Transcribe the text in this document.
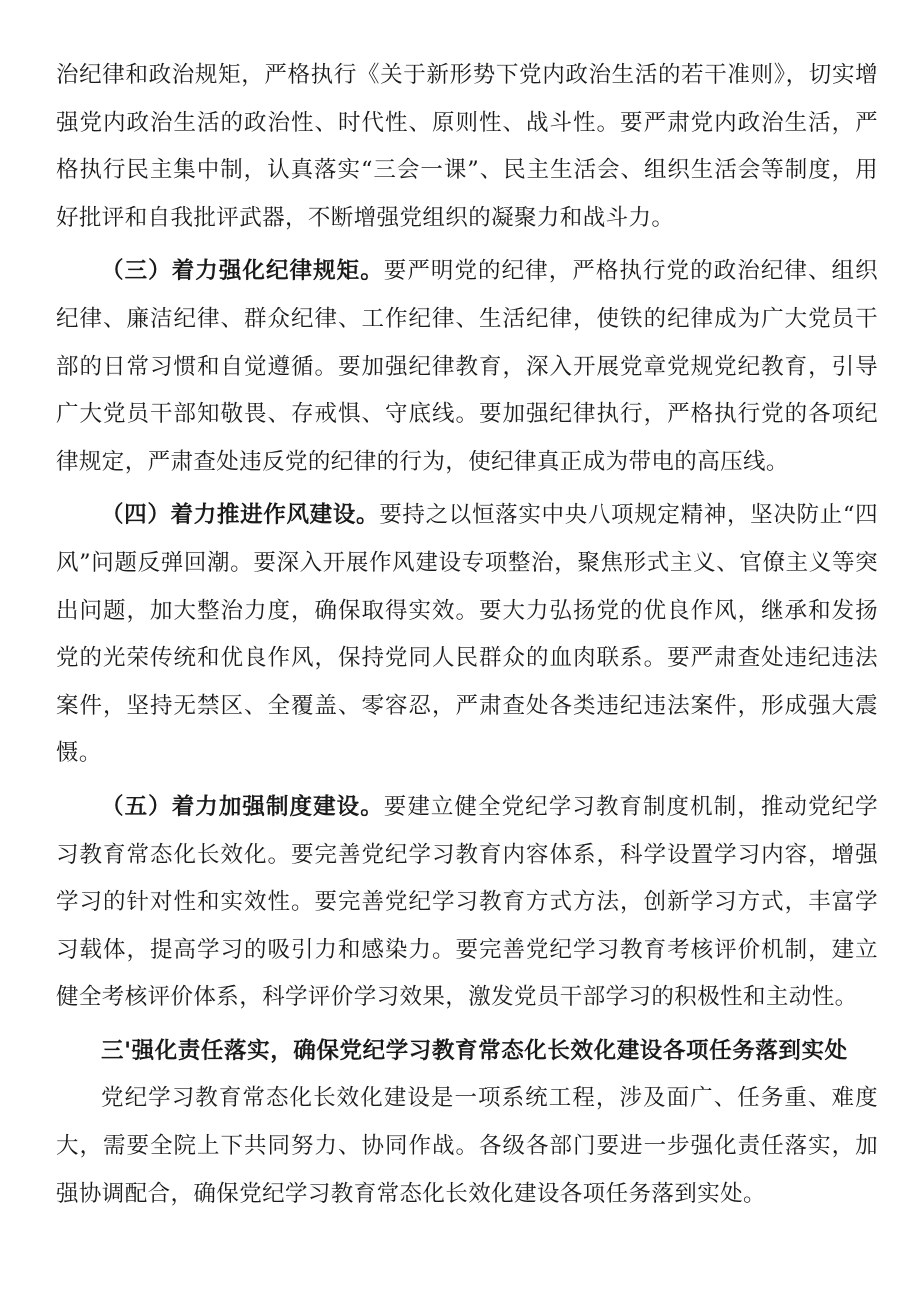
治纪律和政治规矩，严格执行《关于新形势下党内政治生活的若干准则》，切实增强党内政治生活的政治性、时代性、原则性、战斗性。要严肃党内政治生活，严格执行民主集中制，认真落实“三会一课”、民主生活会、组织生活会等制度，用好批评和自我批评武器，不断增强党组织的凝聚力和战斗力。

（三）着力强化纪律规矩。要严明党的纪律，严格执行党的政治纪律、组织纪律、廉洁纪律、群众纪律、工作纪律、生活纪律，使铁的纪律成为广大党员干部的日常习惯和自觉遵循。要加强纪律教育，深入开展党章党规党纪教育，引导广大党员干部知敬畏、存戒惧、守底线。要加强纪律执行，严格执行党的各项纪律规定，严肃查处违反党的纪律的行为，使纪律真正成为带电的高压线。

（四）着力推进作风建设。要持之以恒落实中央八项规定精神，坚决防止“四风”问题反弹回潮。要深入开展作风建设专项整治，聚焦形式主义、官僚主义等突出问题，加大整治力度，确保取得实效。要大力弘扬党的优良作风，继承和发扬党的光荣传统和优良作风，保持党同人民群众的血肉联系。要严肃查处违纪违法案件，坚持无禁区、全覆盖、零容忍，严肃查处各类违纪违法案件，形成强大震慑。

（五）着力加强制度建设。要建立健全党纪学习教育制度机制，推动党纪学习教育常态化长效化。要完善党纪学习教育内容体系，科学设置学习内容，增强学习的针对性和实效性。要完善党纪学习教育方式方法，创新学习方式，丰富学习载体，提高学习的吸引力和感染力。要完善党纪学习教育考核评价机制，建立健全考核评价体系，科学评价学习效果，激发党员干部学习的积极性和主动性。

三'强化责任落实，确保党纪学习教育常态化长效化建设各项任务落到实处

党纪学习教育常态化长效化建设是一项系统工程，涉及面广、任务重、难度大，需要全院上下共同努力、协同作战。各级各部门要进一步强化责任落实，加强协调配合，确保党纪学习教育常态化长效化建设各项任务落到实处。
